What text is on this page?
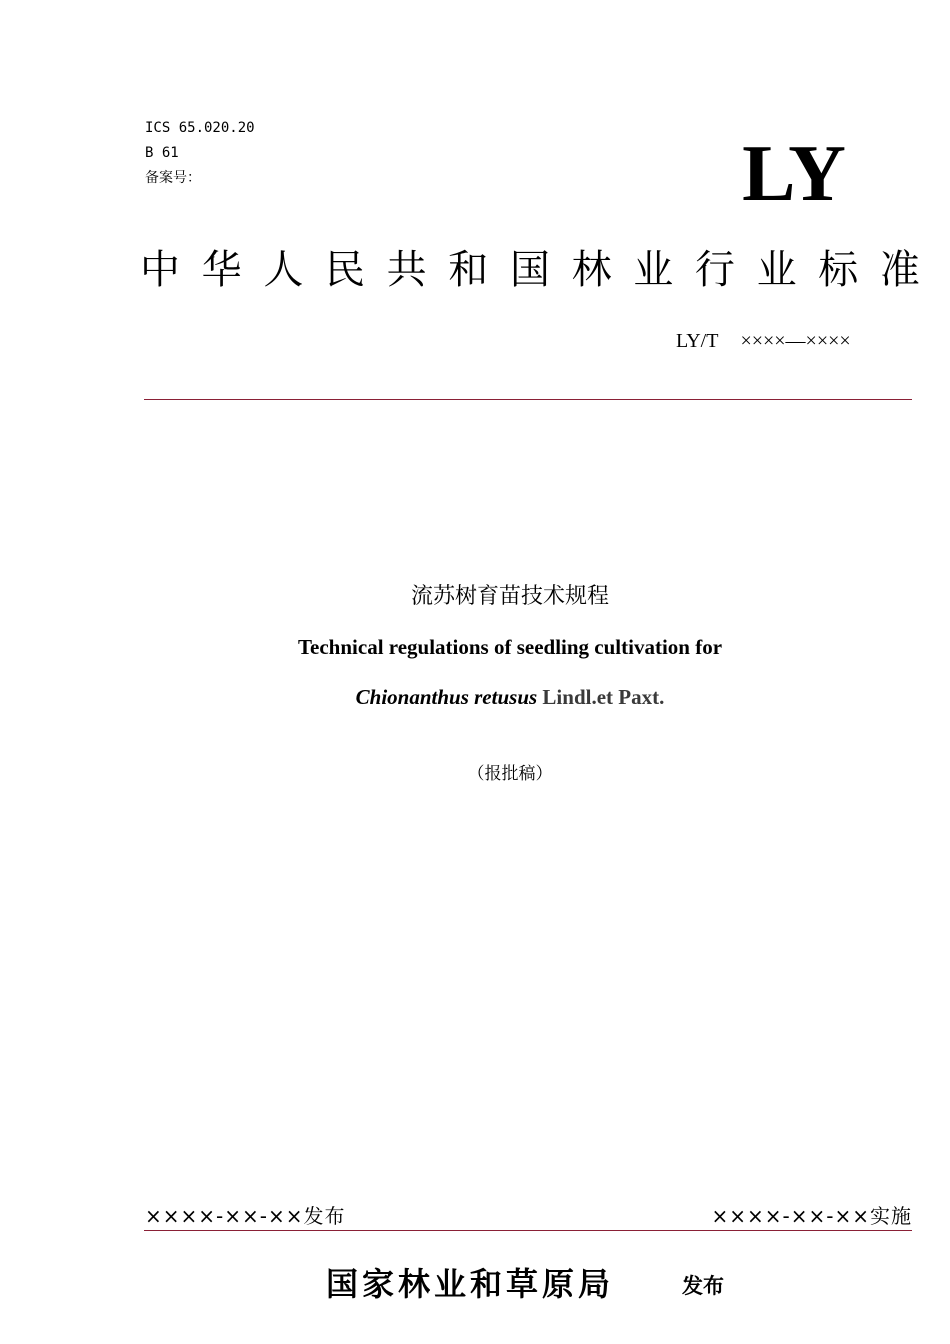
ICS 65.020.20
B 61
备案号：	LY
中 华 人 民 共 和 国 林 业 行 业 标 准
LY/T ××××—××××
流苏树育苗技术规程
Technical regulations of seedling cultivation for
Chionanthus retusus Lindl.et Paxt.
（报批稿）
××××-××-××发布	××××-××-××实施
国家林业和草原局	发布
